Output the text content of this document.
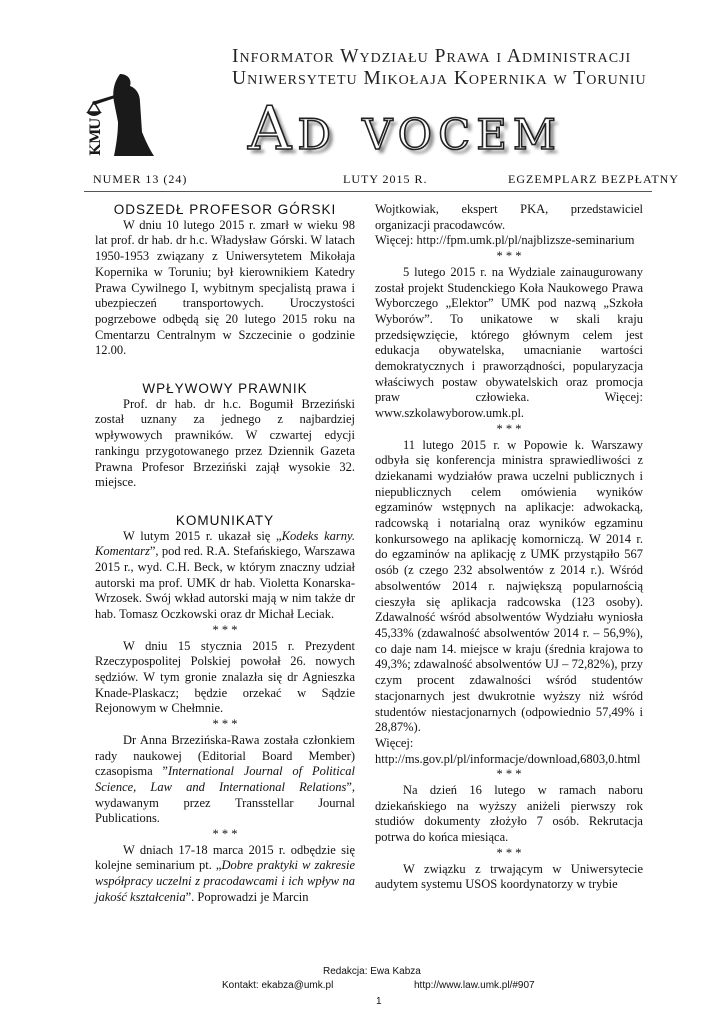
U
M
K
Informator Wydziału Prawa i Administracji
Uniwersytetu Mikołaja Kopernika w Toruniu
Ad vocem
NUMER 13 (24)	LUTY 2015 R.	EGZEMPLARZ BEZPŁATNY
ODSZEDŁ PROFESOR GÓRSKI

W dniu 10 lutego 2015 r. zmarł w wieku 98 lat prof. dr hab. dr h.c. Władysław Górski. W latach 1950-1953 związany z Uniwersytetem Mikołaja Kopernika w Toruniu; był kierownikiem Katedry Prawa Cywilnego I, wybitnym specjalistą prawa i ubezpieczeń transportowych. Uroczystości pogrzebowe odbędą się 20 lutego 2015 roku na Cmentarzu Centralnym w Szczecinie o godzinie 12.00.

WPŁYWOWY PRAWNIK

Prof. dr hab. dr h.c. Bogumił Brzeziński został uznany za jednego z najbardziej wpływowych prawników. W czwartej edycji rankingu przygotowanego przez Dziennik Gazeta Prawna Profesor Brzeziński zajął wysokie 32. miejsce.

KOMUNIKATY

W lutym 2015 r. ukazał się „Kodeks karny. Komentarz”, pod red. R.A. Stefańskiego, Warszawa 2015 r., wyd. C.H. Beck, w którym znaczny udział autorski ma prof. UMK dr hab. Violetta Konarska-Wrzosek. Swój wkład autorski mają w nim także dr hab. Tomasz Oczkowski oraz dr Michał Leciak.

* * *

W dniu 15 stycznia 2015 r. Prezydent Rzeczypospolitej Polskiej powołał 26. nowych sędziów. W tym gronie znalazła się dr Agnieszka Knade-Plaskacz; będzie orzekać w Sądzie Rejonowym w Chełmnie.

* * *

Dr Anna Brzezińska-Rawa została członkiem rady naukowej (Editorial Board Member) czasopisma ”International Journal of Political Science, Law and International Relations”, wydawanym przez Transstellar Journal Publications.

* * *

W dniach 17-18 marca 2015 r. odbędzie się kolejne seminarium pt. „Dobre praktyki w zakresie współpracy uczelni z pracodawcami i ich wpływ na jakość kształcenia”. Poprowadzi je Marcin

Wojtkowiak, ekspert PKA, przedstawiciel organizacji pracodawców.

Więcej: http://fpm.umk.pl/pl/najblizsze-seminarium

* * *

5 lutego 2015 r. na Wydziale zainaugurowany został projekt Studenckiego Koła Naukowego Prawa Wyborczego „Elektor” UMK pod nazwą „Szkoła Wyborów”. To unikatowe w skali kraju przedsięwzięcie, którego głównym celem jest edukacja obywatelska, umacnianie wartości demokratycznych i praworządności, popularyzacja właściwych postaw obywatelskich oraz promocja praw człowieka. Więcej: www.szkolawyborow.umk.pl.

* * *

11 lutego 2015 r. w Popowie k. Warszawy odbyła się konferencja ministra sprawiedliwości z dziekanami wydziałów prawa uczelni publicznych i niepublicznych celem omówienia wyników egzaminów wstępnych na aplikacje: adwokacką, radcowską i notarialną oraz wyników egzaminu konkursowego na aplikację komorniczą. W 2014 r. do egzaminów na aplikację z UMK przystąpiło 567 osób (z czego 232 absolwentów z 2014 r.). Wśród absolwentów 2014 r. największą popularnością cieszyła się aplikacja radcowska (123 osoby). Zdawalność wśród absolwentów Wydziału wyniosła 45,33% (zdawalność absolwentów 2014 r. – 56,9%), co daje nam 14. miejsce w kraju (średnia krajowa to 49,3%; zdawalność absolwentów UJ – 72,82%), przy czym procent zdawalności wśród studentów stacjonarnych jest dwukrotnie wyższy niż wśród studentów niestacjonarnych (odpowiednio 57,49% i 28,87%).

Więcej:

http://ms.gov.pl/pl/informacje/download,6803,0.html

* * *

Na dzień 16 lutego w ramach naboru dziekańskiego na wyższy aniżeli pierwszy rok studiów dokumenty złożyło 7 osób. Rekrutacja potrwa do końca miesiąca.

* * *

W związku z trwającym w Uniwersytecie audytem systemu USOS koordynatorzy w trybie

Redakcja: Ewa Kabza
Kontakt: ekabza@umk.pl	http://www.law.umk.pl/#907
1
